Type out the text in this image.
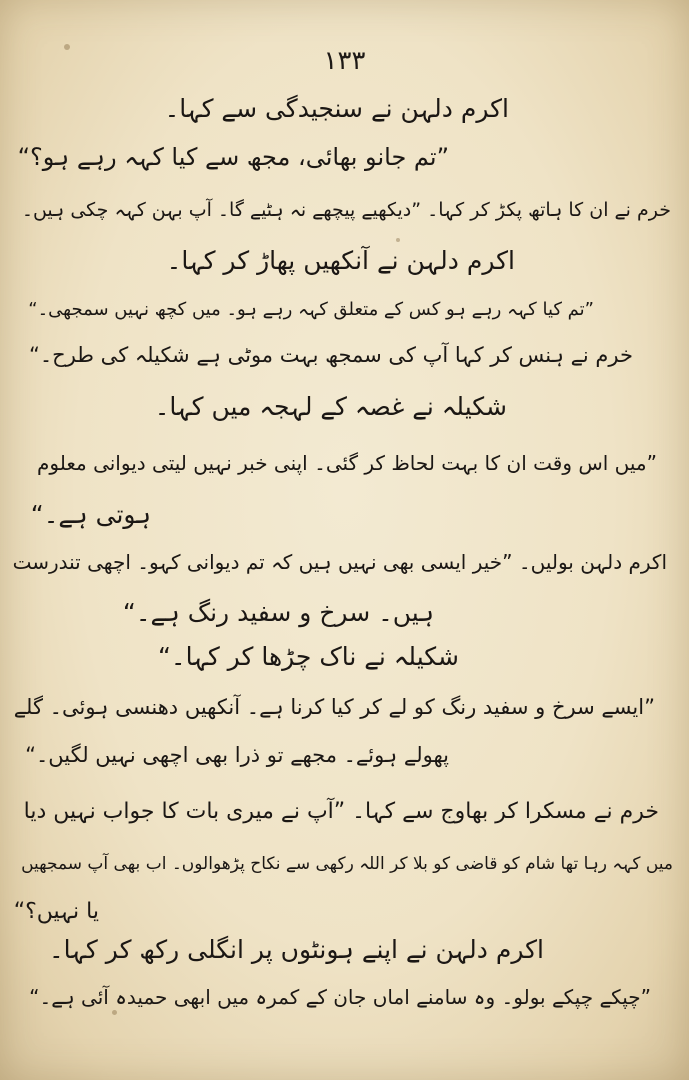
١٣٣
اکرم دلہن نے سنجیدگی سے کہا۔
”تم جانو بھائی، مجھ سے کیا کہہ رہے ہو؟“
خرم نے ان کا ہاتھ پکڑ کر کہا۔ ”دیکھیے پیچھے نہ ہٹیے گا۔ آپ بہن کہہ چکی ہیں۔
اکرم دلہن نے آنکھیں پھاڑ کر کہا۔
”تم کیا کہہ رہے ہو کس کے متعلق کہہ رہے ہو۔ میں کچھ نہیں سمجھی۔“
خرم نے ہنس کر کہا آپ کی سمجھ بہت موٹی ہے شکیلہ کی طرح۔“
شکیلہ نے غصہ کے لہجہ میں کہا۔
”میں اس وقت ان کا بہت لحاظ کر گئی۔ اپنی خبر نہیں لیتی دیوانی معلوم
ہوتی ہے۔“
اکرم دلہن بولیں۔ ”خیر ایسی بھی نہیں ہیں کہ تم دیوانی کہو۔ اچھی تندرست
ہیں۔ سرخ و سفید رنگ ہے۔“
شکیلہ نے ناک چڑھا کر کہا۔“
”ایسے سرخ و سفید رنگ کو لے کر کیا کرنا ہے۔ آنکھیں دھنسی ہوئی۔ گلے
پھولے ہوئے۔ مجھے تو ذرا بھی اچھی نہیں لگیں۔“
خرم نے مسکرا کر بھاوج سے کہا۔ ”آپ نے میری بات کا جواب نہیں دیا
میں کہہ رہا تھا شام کو قاضی کو بلا کر اللہ رکھی سے نکاح پڑھوالوں۔ اب بھی آپ سمجھیں
یا نہیں؟“
اکرم دلہن نے اپنے ہونٹوں پر انگلی رکھ کر کہا۔
”چپکے چپکے بولو۔ وہ سامنے اماں جان کے کمرہ میں ابھی حمیدہ آئی ہے۔“
